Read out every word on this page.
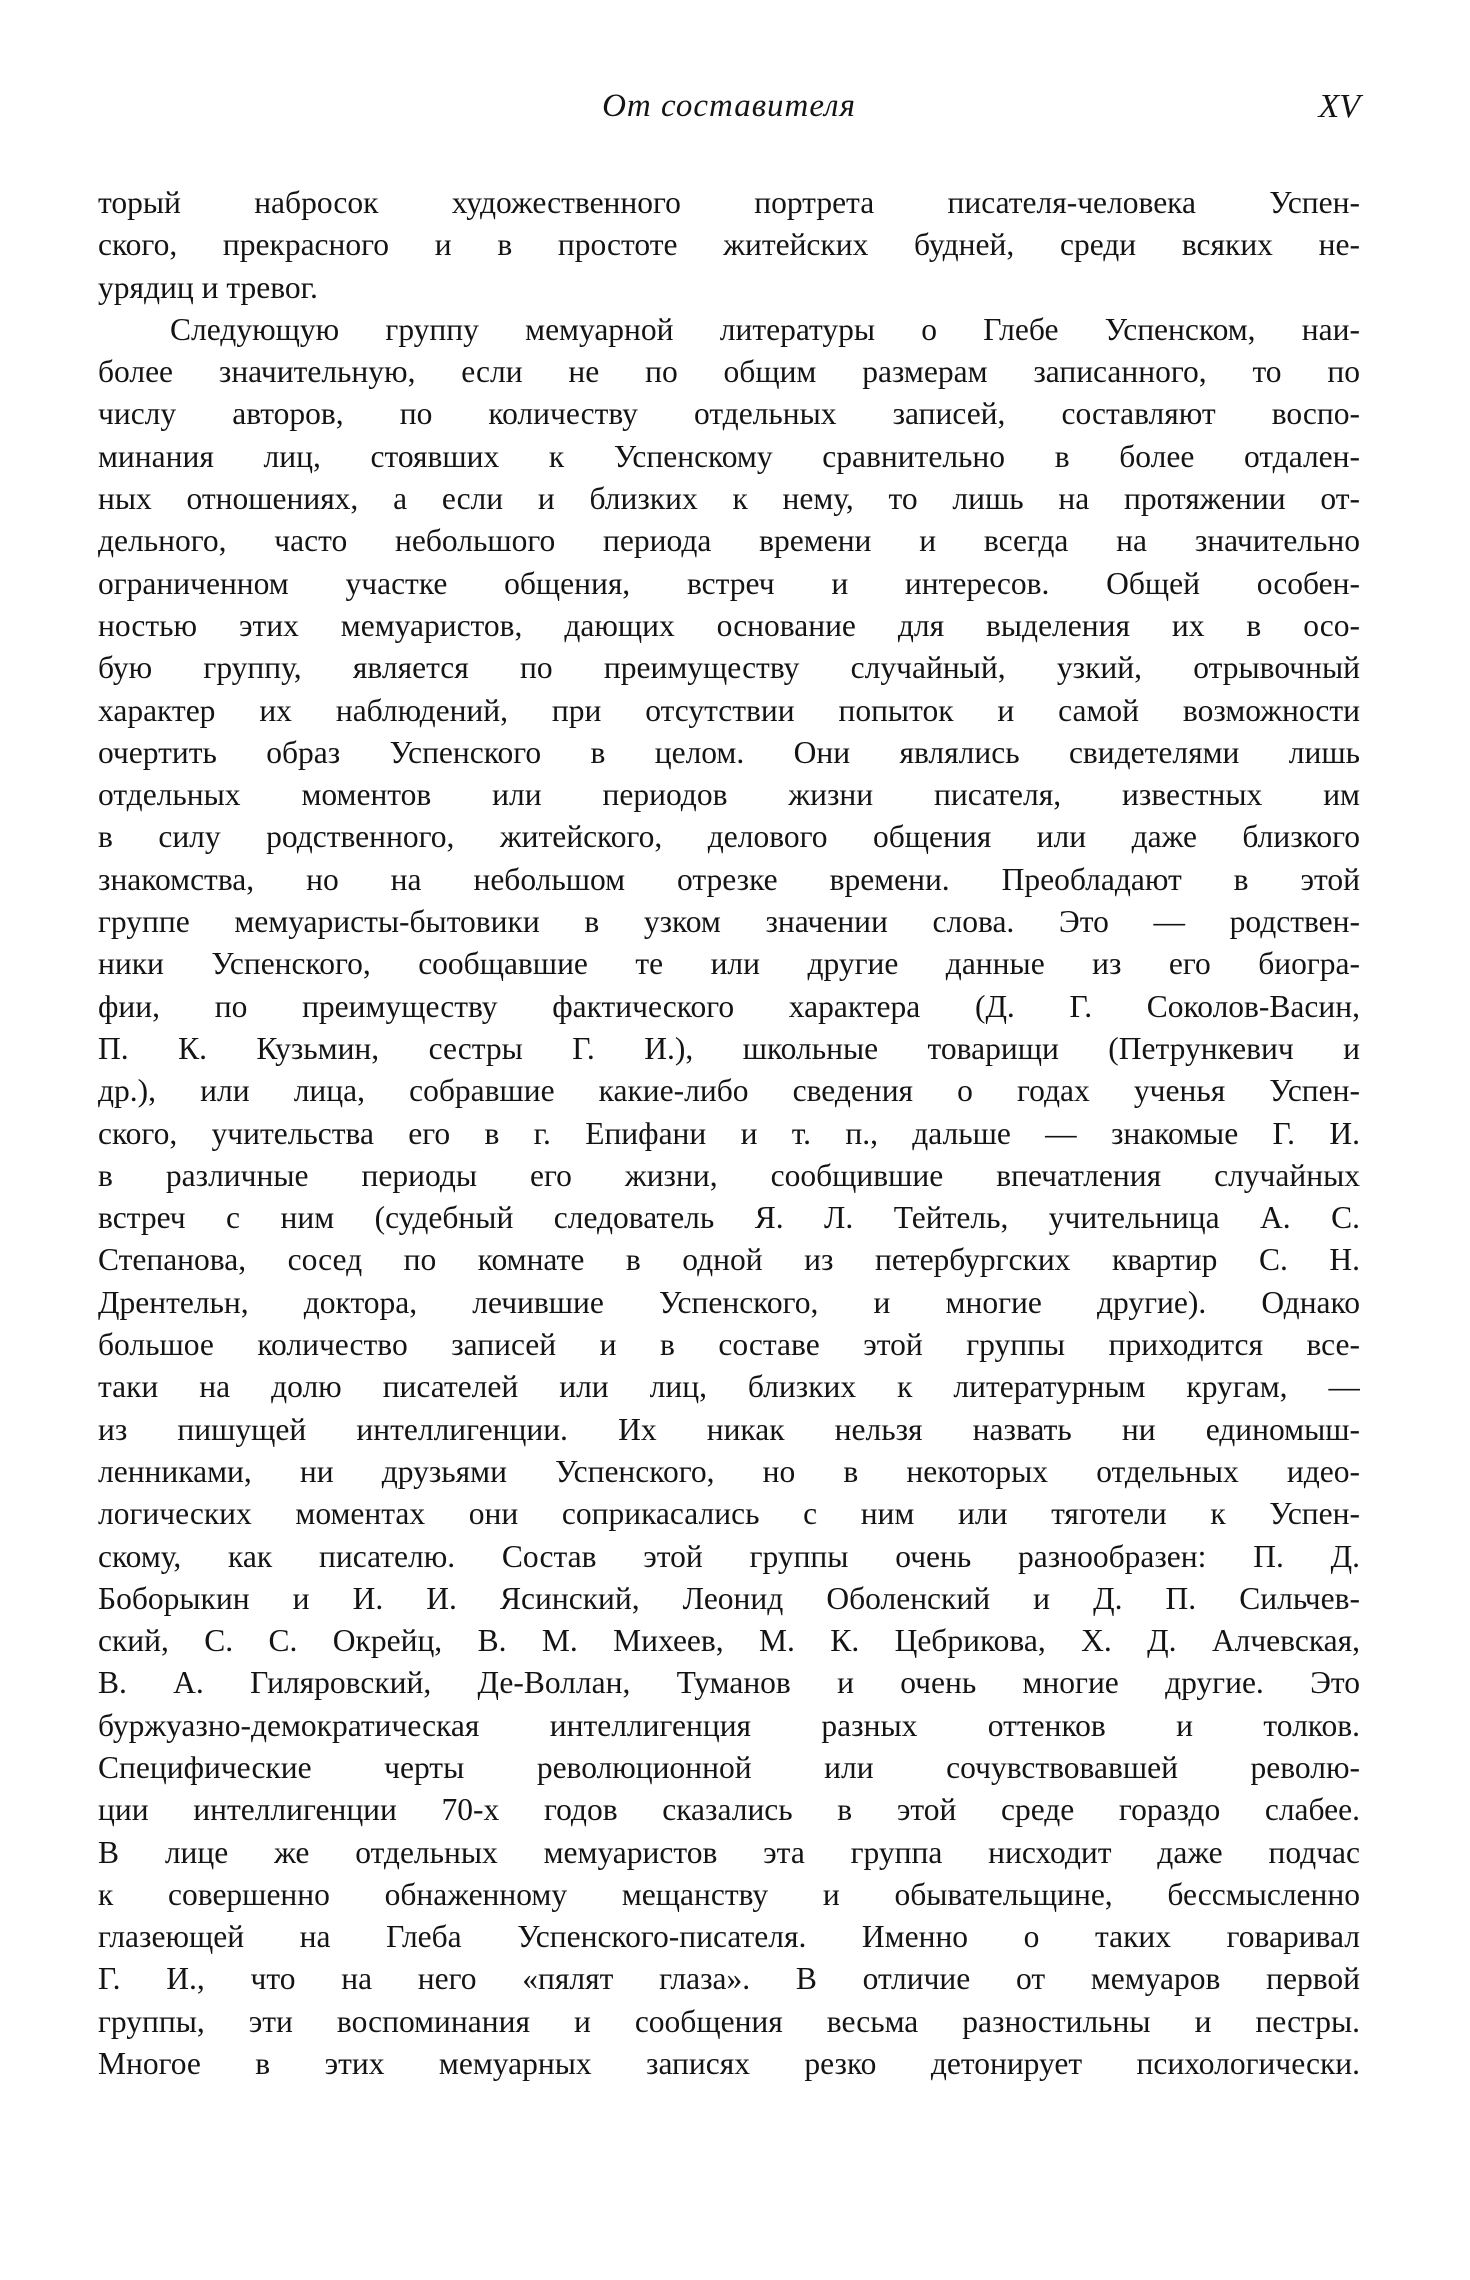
От составителя	XV
торый набросок художественного портрета писателя-человека Успен-
ского, прекрасного и в простоте житейских будней, среди всяких не-
урядиц и тревог.
Следующую группу мемуарной литературы о Глебе Успенском, наи-
более значительную, если не по общим размерам записанного, то по
числу авторов, по количеству отдельных записей, составляют воспо-
минания лиц, стоявших к Успенскому сравнительно в более отдален-
ных отношениях, а если и близких к нему, то лишь на протяжении от-
дельного, часто небольшого периода времени и всегда на значительно
ограниченном участке общения, встреч и интересов. Общей особен-
ностью этих мемуаристов, дающих основание для выделения их в осо-
бую группу, является по преимуществу случайный, узкий, отрывочный
характер их наблюдений, при отсутствии попыток и самой возможности
очертить образ Успенского в целом. Они являлись свидетелями лишь
отдельных моментов или периодов жизни писателя, известных им
в силу родственного, житейского, делового общения или даже близкого
знакомства, но на небольшом отрезке времени. Преобладают в этой
группе мемуаристы-бытовики в узком значении слова. Это — родствен-
ники Успенского, сообщавшие те или другие данные из его биогра-
фии, по преимуществу фактического характера (Д. Г. Соколов-Васин,
П. К. Кузьмин, сестры Г. И.), школьные товарищи (Петрункевич и
др.), или лица, собравшие какие-либо сведения о годах ученья Успен-
ского, учительства его в г. Епифани и т. п., дальше — знакомые Г. И.
в различные периоды его жизни, сообщившие впечатления случайных
встреч с ним (судебный следователь Я. Л. Тейтель, учительница А. С.
Степанова, сосед по комнате в одной из петербургских квартир С. Н.
Дрентельн, доктора, лечившие Успенского, и многие другие). Однако
большое количество записей и в составе этой группы приходится все-
таки на долю писателей или лиц, близких к литературным кругам, —
из пишущей интеллигенции. Их никак нельзя назвать ни единомыш-
ленниками, ни друзьями Успенского, но в некоторых отдельных идео-
логических моментах они соприкасались с ним или тяготели к Успен-
скому, как писателю. Состав этой группы очень разнообразен: П. Д.
Боборыкин и И. И. Ясинский, Леонид Оболенский и Д. П. Сильчев-
ский, С. С. Окрейц, В. М. Михеев, М. К. Цебрикова, Х. Д. Алчевская,
В. А. Гиляровский, Де-Воллан, Туманов и очень многие другие. Это
буржуазно-демократическая интеллигенция разных оттенков и толков.
Специфические черты революционной или сочувствовавшей револю-
ции интеллигенции 70-х годов сказались в этой среде гораздо слабее.
В лице же отдельных мемуаристов эта группа нисходит даже подчас
к совершенно обнаженному мещанству и обывательщине, бессмысленно
глазеющей на Глеба Успенского-писателя. Именно о таких говаривал
Г. И., что на него «пялят глаза». В отличие от мемуаров первой
группы, эти воспоминания и сообщения весьма разностильны и пестры.
Многое в этих мемуарных записях резко детонирует психологически.
